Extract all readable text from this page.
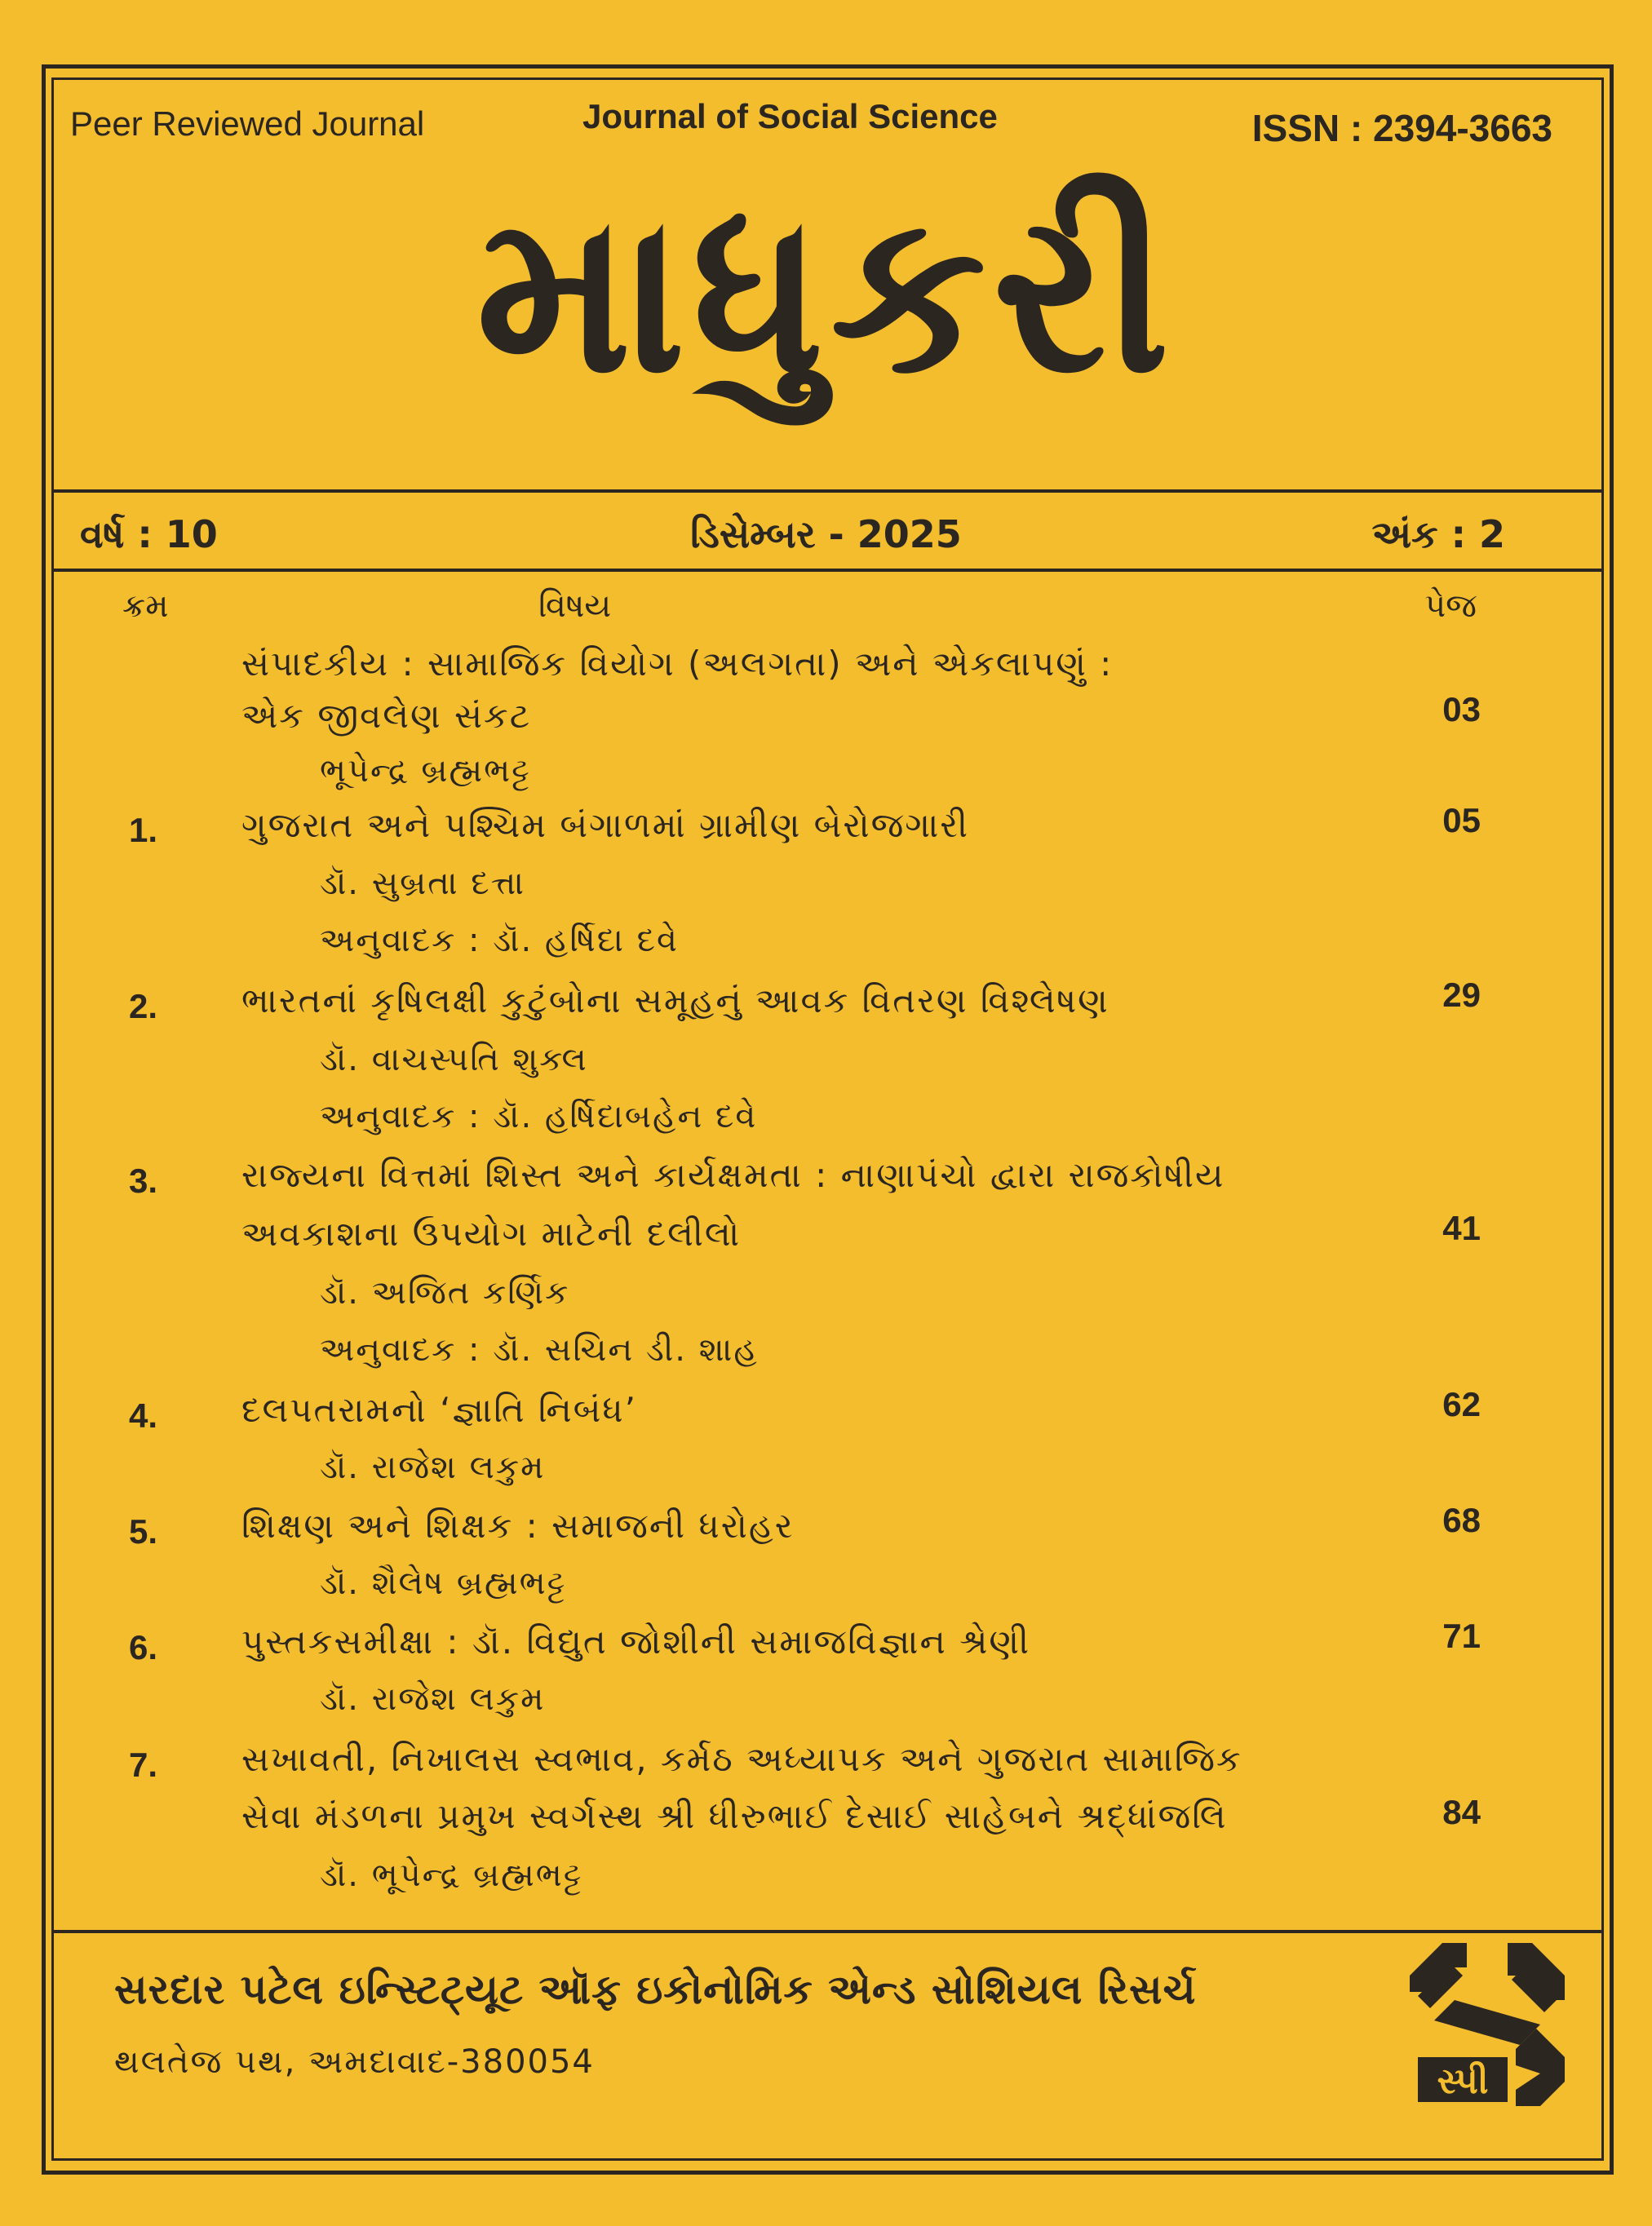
Peer Reviewed Journal	Journal of Social Science	ISSN : 2394-3663
માધુકરી
વર્ષ : 10	ડિસેમ્બર - 2025	અંક : 2
ક્રમ	વિષય	પેજ
સંપાદકીય : સામાજિક વિયોગ (અલગતા) અને એકલાપણું :
એક જીવલેણ સંકટ	03
ભૂપેન્દ્ર બ્રહ્મભટ્ટ
1. ગુજરાત અને પશ્ચિમ બંગાળમાં ગ્રામીણ બેરોજગારી	05
ડૉ. સુબ્રતા દત્તા
અનુવાદક : ડૉ. હર્ષિદા દવે
2. ભારતનાં કૃષિલક્ષી કુટુંબોના સમૂહનું આવક વિતરણ વિશ્લેષણ	29
ડૉ. વાચસ્પતિ શુક્લ
અનુવાદક : ડૉ. હર્ષિદાબહેન દવે
3. રાજ્યના વિત્તમાં શિસ્ત અને કાર્યક્ષમતા : નાણાપંચો દ્વારા રાજકોષીય
અવકાશના ઉપયોગ માટેની દલીલો	41
ડૉ. અજિત કર્ણિક
અનુવાદક : ડૉ. સચિન ડી. શાહ
4. દલપતરામનો ‘જ્ઞાતિ નિબંધ’	62
ડૉ. રાજેશ લકુમ
5. શિક્ષણ અને શિક્ષક : સમાજની ધરોહર	68
ડૉ. શૈલેષ બ્રહ્મભટ્ટ
6. પુસ્તકસમીક્ષા : ડૉ. વિદ્યુત જોશીની સમાજવિજ્ઞાન શ્રેણી	71
ડૉ. રાજેશ લકુમ
7. સખાવતી, નિખાલસ સ્વભાવ, કર્મઠ અધ્યાપક અને ગુજરાત સામાજિક
સેવા મંડળના પ્રમુખ સ્વર્ગસ્થ શ્રી ધીરુભાઈ દેસાઈ સાહેબને શ્રદ્ધાંજલિ	84
ડૉ. ભૂપેન્દ્ર બ્રહ્મભટ્ટ
સરદાર પટેલ ઇન્સ્ટિટ્યૂટ ઑફ ઇકોનોમિક એન્ડ સોશિયલ રિસર્ચ
થલતેજ પથ, અમદાવાદ-380054	સ્પી
